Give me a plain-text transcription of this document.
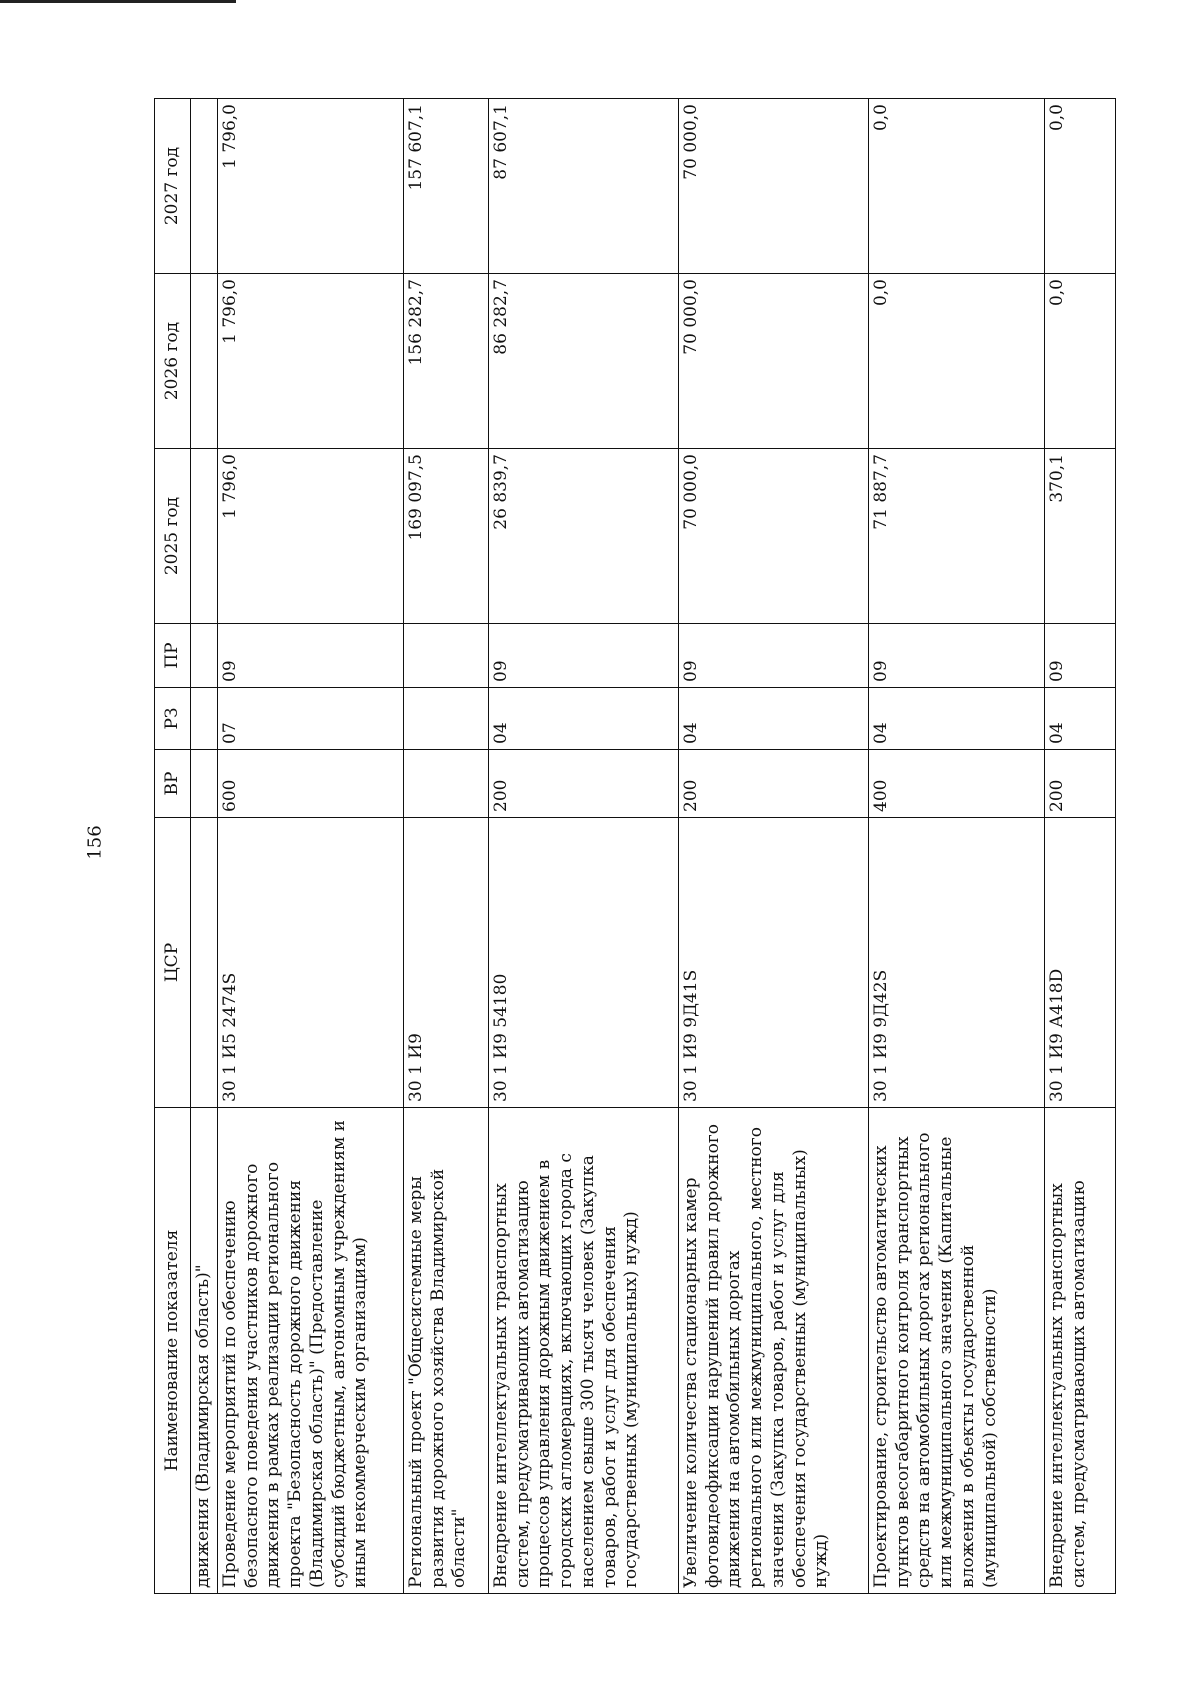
156
Наименование показателя	ЦСР	ВР	РЗ	ПР	2025 год	2026 год	2027 год
движения (Владимирская область)"							
Проведение мероприятий по обеспечению безопасного поведения участников дорожного движения в рамках реализации регионального проекта "Безопасность дорожного движения (Владимирская область)" (Предоставление субсидий бюджетным, автономным учреждениям и иным некоммерческим организациям)	30 1 И5 2474S	600	07	09	1 796,0	1 796,0	1 796,0
Региональный проект "Общесистемные меры развития дорожного хозяйства Владимирской области"	30 1 И9				169 097,5	156 282,7	157 607,1
Внедрение интеллектуальных транспортных систем, предусматривающих автоматизацию процессов управления дорожным движением в городских агломерациях, включающих города с населением свыше 300 тысяч человек (Закупка товаров, работ и услуг для обеспечения государственных (муниципальных) нужд)	30 1 И9 54180	200	04	09	26 839,7	86 282,7	87 607,1
Увеличение количества стационарных камер фотовидеофиксации нарушений правил дорожного движения на автомобильных дорогах регионального или межмуниципального, местного значения (Закупка товаров, работ и услуг для обеспечения государственных (муниципальных) нужд)	30 1 И9 9Д41S	200	04	09	70 000,0	70 000,0	70 000,0
Проектирование, строительство автоматических пунктов весогабаритного контроля транспортных средств на автомобильных дорогах регионального или межмуниципального значения (Капитальные вложения в объекты государственной (муниципальной) собственности)	30 1 И9 9Д42S	400	04	09	71 887,7	0,0	0,0
Внедрение интеллектуальных транспортных систем, предусматривающих автоматизацию	30 1 И9 А418D	200	04	09	370,1	0,0	0,0
